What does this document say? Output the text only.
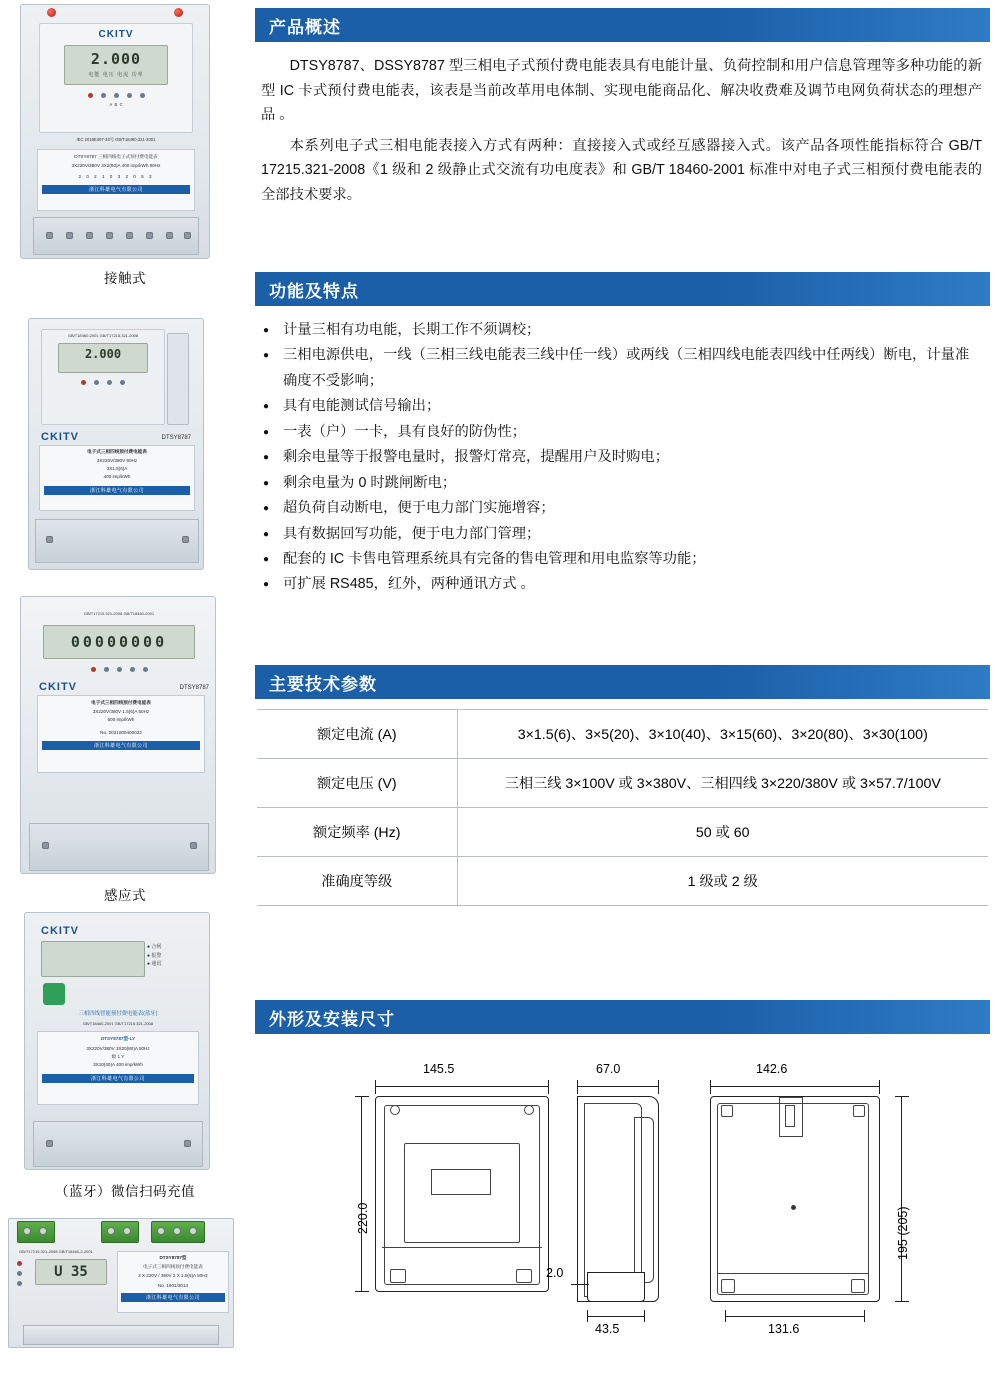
CKITV
2.000
电能 电压 电流 功率
A  B  C
IEC 2019E497-33号 GB/T18460.321-2001
DTSY8787 三相四线电子式预付费电能表
3X220V/380V 3X2(80)A 400 imp/kWh 50Hz
2 0 2 1 0 3 2 0 5 3
浙江科雄电气有限公司
接触式
GB/T18460-2001 GB/T17215.321-2008
2.000
CKITV	DTSY8787
电子式三相四线预付费电能表
3X220V/380V 50Hz
3X1.5(6)A
400 imp/kWh
浙江科雄电气有限公司
GB/T17215.321-2008 GB/T18460-2001
00000000
CKITV	DTSY8787
电子式三相四线预付费电能表
3X220V/380V 1.5(6)A 50Hz
600 imp/kWh
No. 2021000400022
浙江科雄电气有限公司
感应式
CKITV
● 合闸
● 报警
● 通讯
三相四线智能预付费电能表(蓝牙)
GB/T18460-2001 GB/T17215.321-2008
DTSY8787型-LY
3X220V/380V 3X20(80)A 50Hz
级 1 Y
3X10(40)A 400 imp/kWh
浙江科雄电气有限公司
（蓝牙）微信扫码充值
GB/T17215.321-2008 GB/T18460-2-2001
U 35
DTSY8787型
电子式三相四线预付费电能表
3 X 220V / 380V 2 X 1.5(6)A 50Hz
No. 1901/3014
浙江科雄电气有限公司
产品概述

DTSY8787、DSSY8787 型三相电子式预付费电能表具有电能计量、负荷控制和用户信息管理等多种功能的新型 IC 卡式预付费电能表，该表是当前改革用电体制、实现电能商品化、解决收费难及调节电网负荷状态的理想产品 。

本系列电子式三相电能表接入方式有两种：直接接入式或经互感器接入式。该产品各项性能指标符合 GB/T 17215.321-2008《1 级和 2 级静止式交流有功电度表》和 GB/T 18460-2001 标准中对电子式三相预付费电能表的全部技术要求。

功能及特点
● 计量三相有功电能，长期工作不须调校；
● 三相电源供电，一线（三相三线电能表三线中任一线）或两线（三相四线电能表四线中任两线）断电，计量准确度不受影响；
● 具有电能测试信号输出；
● 一表（户）一卡，具有良好的防伪性；
● 剩余电量等于报警电量时，报警灯常亮，提醒用户及时购电；
● 剩余电量为 0 时跳闸断电；
● 超负荷自动断电，便于电力部门实施增容；
● 具有数据回写功能，便于电力部门管理；
● 配套的 IC 卡售电管理系统具有完备的售电管理和用电监察等功能；
● 可扩展 RS485，红外，两种通讯方式 。
主要技术参数
额定电流 (A)	3×1.5(6)、3×5(20)、3×10(40)、3×15(60)、3×20(80)、3×30(100)
额定电压 (V)	三相三线 3×100V 或 3×380V、三相四线 3×220/380V 或 3×57.7/100V
额定频率 (Hz)	50 或 60
准确度等级	1 级或 2 级
外形及安装尺寸
145.5
220.0
67.0
2.0
43.5
142.6
195 (205)
131.6
